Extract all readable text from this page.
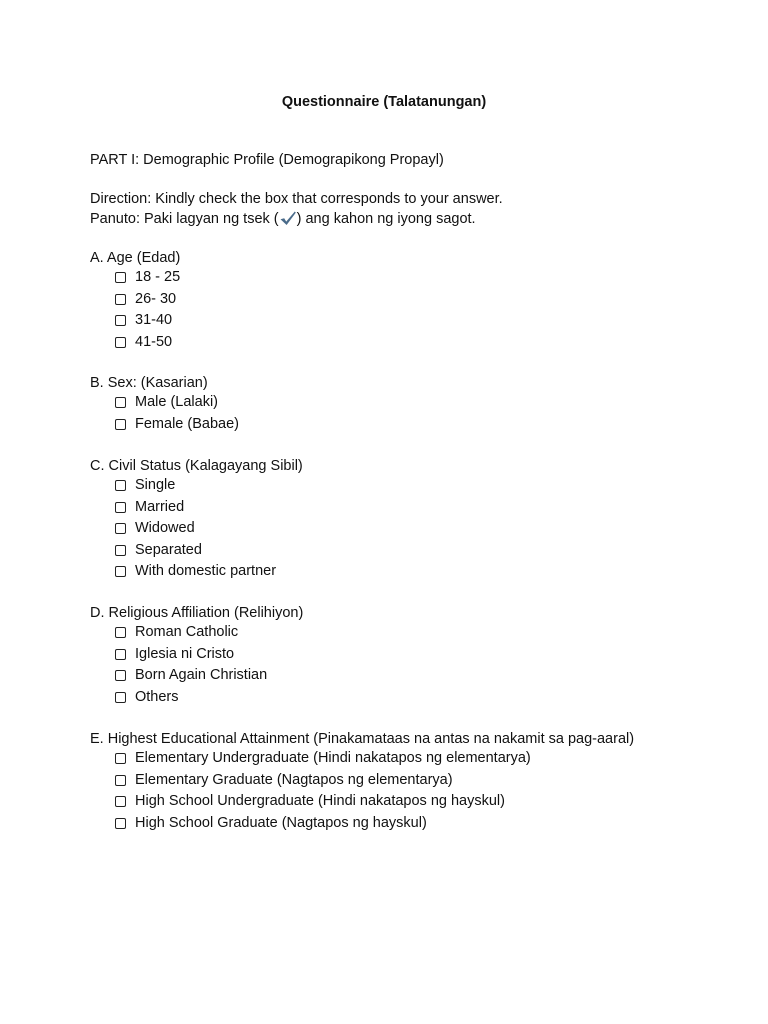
Questionnaire (Talatanungan)
PART I: Demographic Profile (Demograpikong Propayl)
Direction: Kindly check the box that corresponds to your answer.
Panuto: Paki lagyan ng tsek ( ) ang kahon ng iyong sagot.
A. Age (Edad)
18 - 25
26- 30
31-40
41-50
B. Sex: (Kasarian)
Male (Lalaki)
Female (Babae)
C. Civil Status (Kalagayang Sibil)
Single
Married
Widowed
Separated
With domestic partner
D. Religious Affiliation (Relihiyon)
Roman Catholic
Iglesia ni Cristo
Born Again Christian
Others
E. Highest Educational Attainment (Pinakamataas na antas na nakamit sa pag-aaral)
Elementary Undergraduate (Hindi nakatapos ng elementarya)
Elementary Graduate (Nagtapos ng elementarya)
High School Undergraduate (Hindi nakatapos ng hayskul)
High School Graduate (Nagtapos ng hayskul)
